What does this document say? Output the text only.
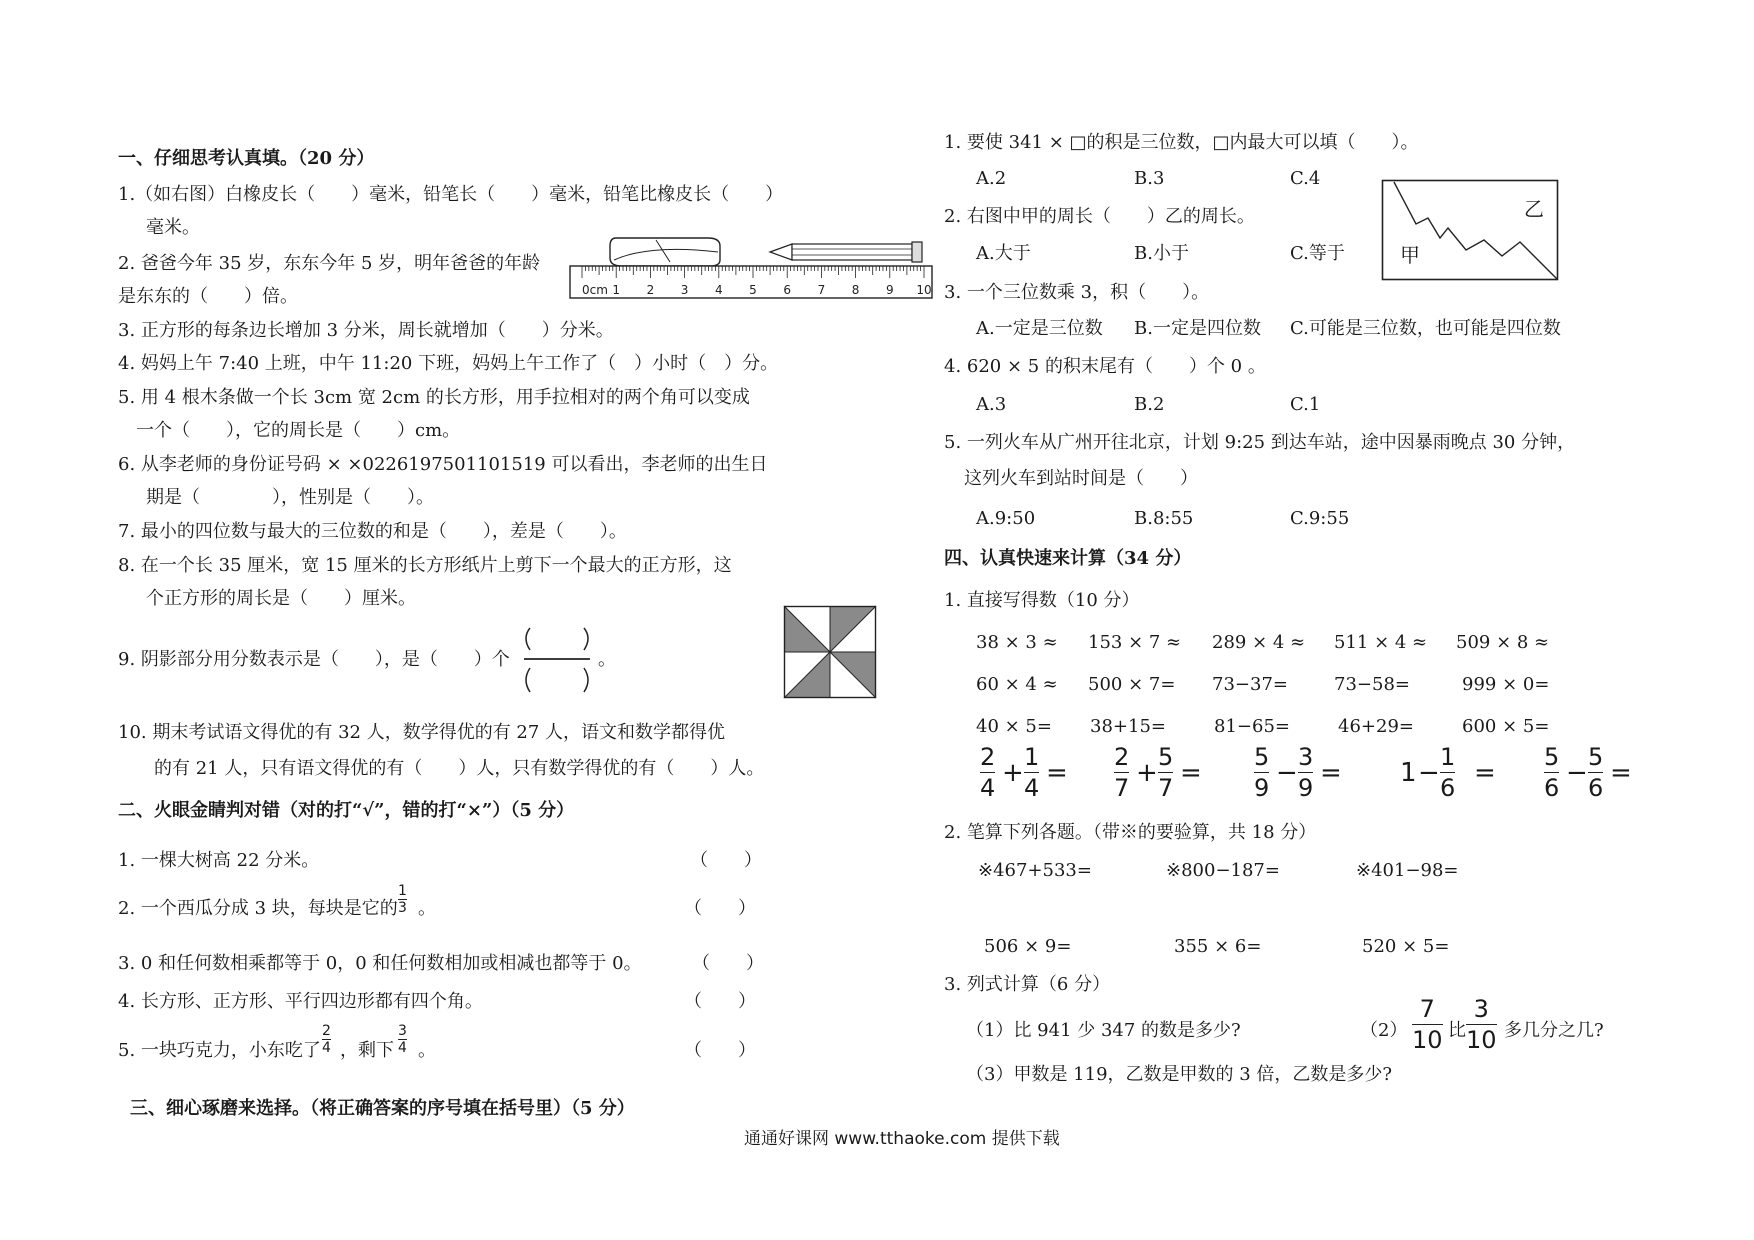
一、仔细思考认真填。（20 分）
1.（如右图）白橡皮长（　　）毫米，铅笔长（　　）毫米，铅笔比橡皮长（　　）
毫米。
2. 爸爸今年 35 岁，东东今年 5 岁，明年爸爸的年龄
是东东的（　　）倍。	0cm 1 2 3 4 5 6 7 8 9 10
3. 正方形的每条边长增加 3 分米，周长就增加（　　）分米。
4. 妈妈上午 7:40 上班，中午 11:20 下班，妈妈上午工作了（　）小时（　）分。
5. 用 4 根木条做一个长 3cm 宽 2cm 的长方形，用手拉相对的两个角可以变成
一个（　　），它的周长是（　　）cm。
6. 从李老师的身份证号码 × ×0226197501101519 可以看出，李老师的出生日
期是（　　　　），性别是（　　）。
7. 最小的四位数与最大的三位数的和是（　　），差是（　　）。
8. 在一个长 35 厘米，宽 15 厘米的长方形纸片上剪下一个最大的正方形，这
个正方形的周长是（　　）厘米。
9. 阴影部分用分数表示是（　　），是（　　）个	。
10. 期末考试语文得优的有 32 人，数学得优的有 27 人，语文和数学都得优
的有 21 人，只有语文得优的有（　　）人，只有数学得优的有（　　）人。
二、火眼金睛判对错（对的打“√”，错的打“×”）（5 分）
1. 一棵大树高 22 分米。	（　　）
2. 一个西瓜分成 3 块，每块是它的
1
3 。	（　　）
3. 0 和任何数相乘都等于 0，0 和任何数相加或相减也都等于 0。	（　　）
4. 长方形、正方形、平行四边形都有四个角。	（　　）
5. 一块巧克力，小东吃了
2
4 ，剩下
3
4 。	（　　）
三、细心琢磨来选择。（将正确答案的序号填在括号里）（5 分）
1. 要使 341 × □的积是三位数，□内最大可以填（　　）。
A.2	B.3	C.4
2. 右图中甲的周长（　　）乙的周长。
A.大于	B.小于	C.等于	甲
乙
3. 一个三位数乘 3，积（　　）。
A.一定是三位数 B.一定是四位数 C.可能是三位数，也可能是四位数
4. 620 × 5 的积末尾有（　　）个 0 。
A.3	B.2	C.1
5. 一列火车从广州开往北京，计划 9:25 到达车站，途中因暴雨晚点 30 分钟，
这列火车到站时间是（　　）
A.9:50	B.8:55	C.9:55
四、认真快速来计算（34 分）
1. 直接写得数（10 分）
38 × 3 ≈ 153 × 7 ≈ 289 × 4 ≈ 511 × 4 ≈ 509 × 8 ≈
60 × 4 ≈ 500 × 7= 73−37=	73−58=	999 × 0=
40 × 5= 38+15=	81−65=	46+29=	600 × 5=
2
4 +
1
4 =
2
7 +
5
7 =
5
9 −
3
9 = 1 −
1
6 =
5
6 −
5
6 =
2. 笔算下列各题。（带※的要验算，共 18 分）
※467+533=	※800−187=	※401−98=
506 × 9=	355 × 6=	520 × 5=
3. 列式计算（6 分）
（1）比 941 少 347 的数是多少?	（2）
7
10 比
3
10 多几分之几?
（3）甲数是 119，乙数是甲数的 3 倍，乙数是多少?
通通好课网 www.tthaoke.com 提供下载
